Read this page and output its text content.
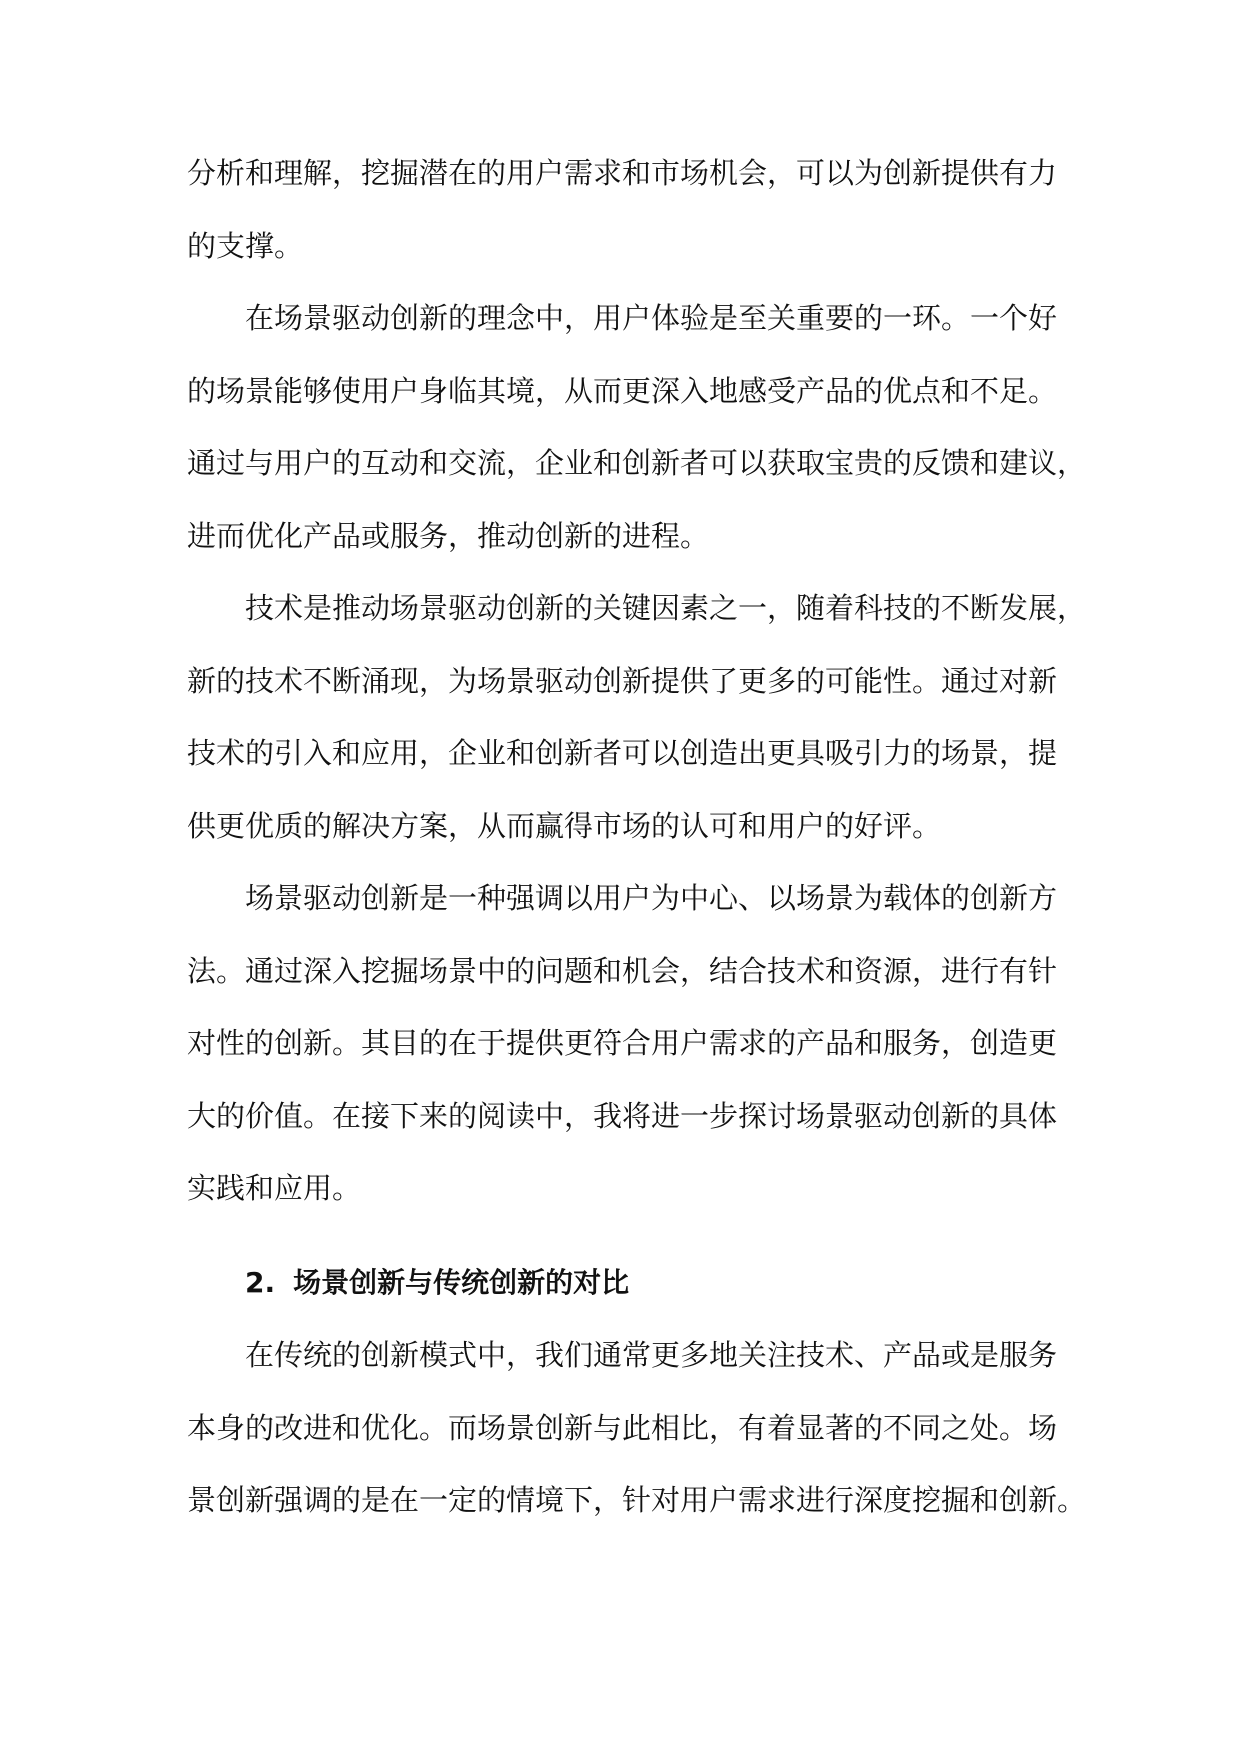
分析和理解，挖掘潜在的用户需求和市场机会，可以为创新提供有力
的支撑。
在场景驱动创新的理念中，用户体验是至关重要的一环。一个好
的场景能够使用户身临其境，从而更深入地感受产品的优点和不足。
通过与用户的互动和交流，企业和创新者可以获取宝贵的反馈和建议，
进而优化产品或服务，推动创新的进程。
技术是推动场景驱动创新的关键因素之一，随着科技的不断发展，
新的技术不断涌现，为场景驱动创新提供了更多的可能性。通过对新
技术的引入和应用，企业和创新者可以创造出更具吸引力的场景，提
供更优质的解决方案，从而赢得市场的认可和用户的好评。
场景驱动创新是一种强调以用户为中心、以场景为载体的创新方
法。通过深入挖掘场景中的问题和机会，结合技术和资源，进行有针
对性的创新。其目的在于提供更符合用户需求的产品和服务，创造更
大的价值。在接下来的阅读中，我将进一步探讨场景驱动创新的具体
实践和应用。
2. 场景创新与传统创新的对比
在传统的创新模式中，我们通常更多地关注技术、产品或是服务
本身的改进和优化。而场景创新与此相比，有着显著的不同之处。场
景创新强调的是在一定的情境下，针对用户需求进行深度挖掘和创新。
